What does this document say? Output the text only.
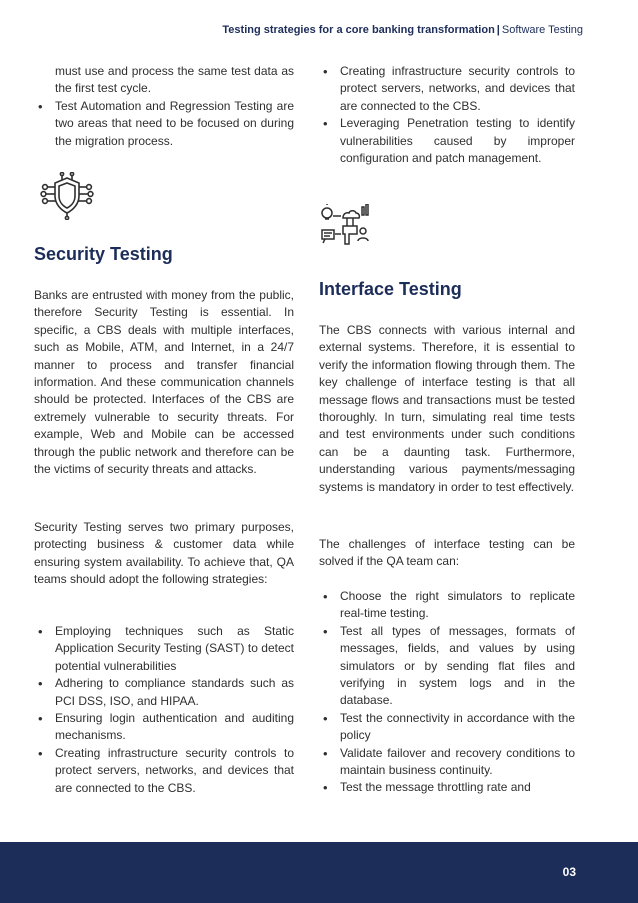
Testing strategies for a core banking transformation | Software Testing
must use and process the same test data as the first test cycle.
• Test Automation and Regression Testing are two areas that need to be focused on during the migration process.
Security Testing

Banks are entrusted with money from the public, therefore Security Testing is essential. In specific, a CBS deals with multiple interfaces, such as Mobile, ATM, and Internet, in a 24/7 manner to process and transfer financial information. And these communication channels should be protected. Interfaces of the CBS are extremely vulnerable to security threats. For example, Web and Mobile can be accessed through the public network and therefore can be the victims of security threats and attacks.

Security Testing serves two primary purposes, protecting business & customer data while ensuring system availability. To achieve that, QA teams should adopt the following strategies:

• Employing techniques such as Static Application Security Testing (SAST) to detect potential vulnerabilities
• Adhering to compliance standards such as PCI DSS, ISO, and HIPAA.
• Ensuring login authentication and auditing mechanisms.
• Creating infrastructure security controls to protect servers, networks, and devices that are connected to the CBS.
• Creating infrastructure security controls to protect servers, networks, and devices that are connected to the CBS.
• Leveraging Penetration testing to identify vulnerabilities caused by improper configuration and patch management.
Interface Testing

The CBS connects with various internal and external systems. Therefore, it is essential to verify the information flowing through them. The key challenge of interface testing is that all message flows and transactions must be tested thoroughly. In turn, simulating real time tests and test environments under such conditions can be a daunting task. Furthermore, understanding various payments/messaging systems is mandatory in order to test effectively.

The challenges of interface testing can be solved if the QA team can:

• Choose the right simulators to replicate real-time testing.
• Test all types of messages, formats of messages, fields, and values by using simulators or by sending flat files and verifying in system logs and in the database.
• Test the connectivity in accordance with the policy
• Validate failover and recovery conditions to maintain business continuity.
• Test the message throttling rate and
03
